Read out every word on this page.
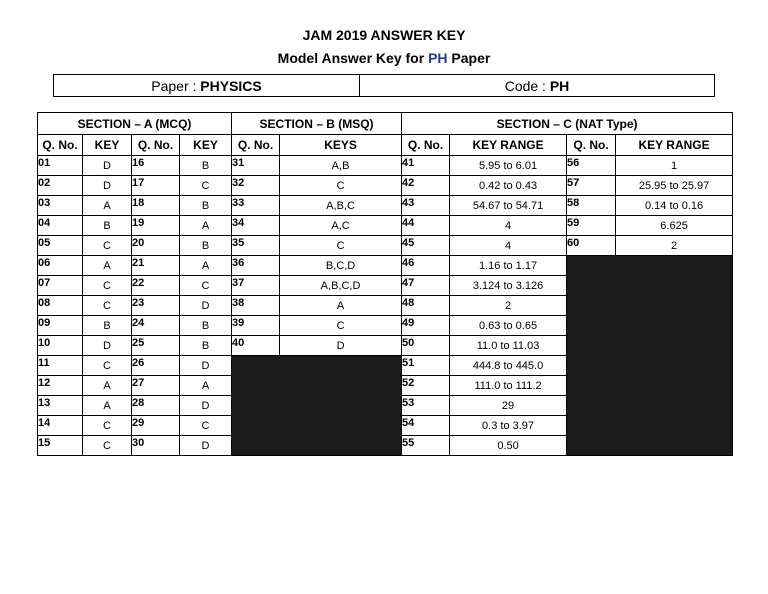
JAM 2019 ANSWER KEY
Model Answer Key for PH Paper
Paper : PHYSICS	Code : PH
SECTION – A (MCQ)				SECTION – B (MSQ)		SECTION – C (NAT Type)			
Q. No.	KEY	Q. No.	KEY	Q. No.	KEYS	Q. No.	KEY RANGE	Q. No.	KEY RANGE
01	D	16	B	31	A,B	41	5.95 to 6.01	56	1
02	D	17	C	32	C	42	0.42 to 0.43	57	25.95 to 25.97
03	A	18	B	33	A,B,C	43	54.67 to 54.71	58	0.14 to 0.16
04	B	19	A	34	A,C	44	4	59	6.625
05	C	20	B	35	C	45	4	60	2
06	A	21	A	36	B,C,D	46	1.16 to 1.17		
07	C	22	C	37	A,B,C,D	47	3.124 to 3.126		
08	C	23	D	38	A	48	2		
09	B	24	B	39	C	49	0.63 to 0.65		
10	D	25	B	40	D	50	11.0 to 11.03		
11	C	26	D			51	444.8 to 445.0		
12	A	27	A			52	111.0 to 111.2		
13	A	28	D			53	29		
14	C	29	C			54	0.3 to 3.97		
15	C	30	D			55	0.50		
